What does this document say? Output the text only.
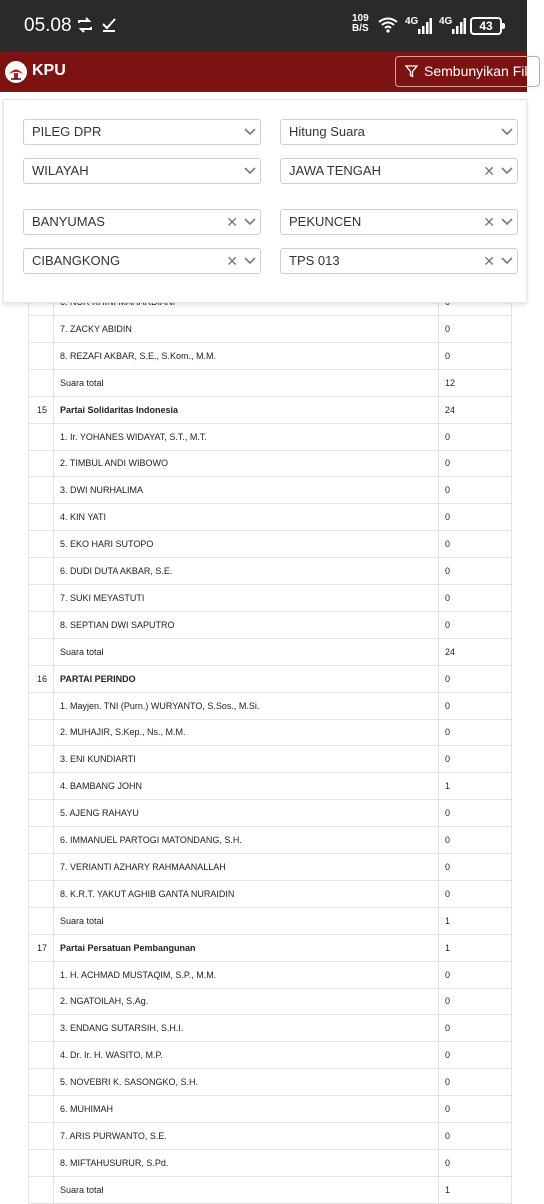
05.08	109
B/S
4G 4G	43
KPU	Sembunyikan Filter
7. ZACKY ABIDIN	0
8. REZAFI AKBAR, S.E., S.Kom., M.M.	0
Suara total	12
15	Partai Solidaritas Indonesia	24
1. Ir. YOHANES WIDAYAT, S.T., M.T.	0
2. TIMBUL ANDI WIBOWO	0
3. DWI NURHALIMA	0
4. KIN YATI	0
5. EKO HARI SUTOPO	0
6. DUDI DUTA AKBAR, S.E.	0
7. SUKI MEYASTUTI	0
8. SEPTIAN DWI SAPUTRO	0
Suara total	24
16	PARTAI PERINDO	0
1. Mayjen. TNI (Purn.) WURYANTO, S.Sos., M.Si.	0
2. MUHAJIR, S.Kep., Ns., M.M.	0
3. ENI KUNDIARTI	0
4. BAMBANG JOHN	1
5. AJENG RAHAYU	0
6. IMMANUEL PARTOGI MATONDANG, S.H.	0
7. VERIANTI AZHARY RAHMAANALLAH	0
8. K.R.T. YAKUT AGHIB GANTA NURAIDIN	0
Suara total	1
17	Partai Persatuan Pembangunan	1
1. H. ACHMAD MUSTAQIM, S.P., M.M.	0
2. NGATOILAH, S.Ag.	0
3. ENDANG SUTARSIH, S.H.I.	0
4. Dr. Ir. H. WASITO, M.P.	0
5. NOVEBRI K. SASONGKO, S.H.	0
6. MUHIMAH	0
7. ARIS PURWANTO, S.E.	0
8. MIFTAHUSURUR, S.Pd.	0
Suara total	1
PILEG DPR	Hitung Suara
WILAYAH	JAWA TENGAH	✕
BANYUMAS	✕	PEKUNCEN	✕
CIBANGKONG	✕	TPS 013	✕
